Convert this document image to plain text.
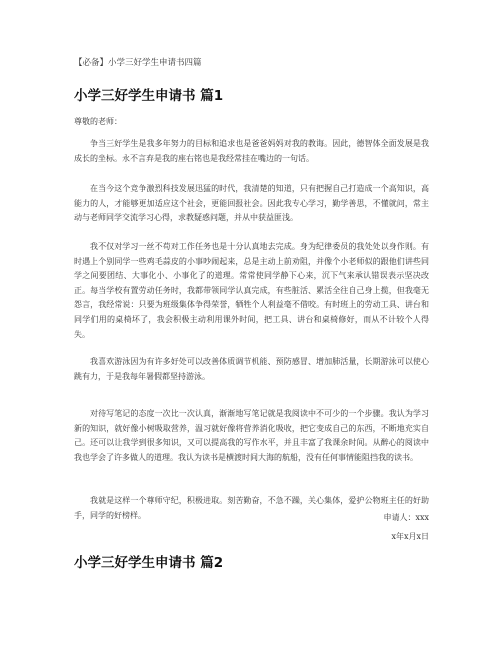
【必备】小学三好学生申请书四篇
小学三好学生申请书 篇1
尊敬的老师：

争当三好学生是我多年努力的目标和追求也是爸爸妈妈对我的教诲。因此，德智体全面发展是我成长的坐标。永不言弃是我的座右铭也是我经常挂在嘴边的一句话。

在当今这个竞争激烈科技发展迅猛的时代，我清楚的知道，只有把握自己打造成一个高知识，高能力的人，才能够更加适应这个社会，更能回报社会。因此我专心学习，勤学善思，不懂就问，常主动与老师同学交流学习心得，求教疑惑问题，并从中获益匪浅。

我不仅对学习一丝不苟对工作任务也是十分认真地去完成。身为纪律委员的我处处以身作则。有时遇上个别同学一些鸡毛蒜皮的小事吵闹起来，总是主动上前劝阻，并像个小老师似的跟他们讲些同学之间要团结、大事化小、小事化了的道理。常常使同学静下心来，沉下气来承认错误表示坚决改正。每当学校有置劳动任务时，我都带领同学认真完成，有些脏活、累活全往自己身上揽，但我毫无怨言，我经常说：只要为班级集体争得荣誉，牺牲个人利益毫不借咬。有时班上的劳动工具、讲台和同学们用的桌椅坏了，我会积极主动利用课外时间，把工具、讲台和桌椅修好，而从不计较个人得失。

我喜欢游泳因为有许多好处可以改善体质调节机能、预防感冒、增加肺活量，长期游泳可以使心跳有力，于是我每年暑假都坚持游泳。

对待写笔记的态度一次比一次认真，渐渐地写笔记就是我阅读中不可少的一个步骤。我认为学习新的知识，就好像小树吸取营养，温习就好像将营养消化吸收，把它变成自己的东西，不断地充实自己。还可以让我学到很多知识，又可以提高我的写作水平，并且丰富了我课余时间。从醉心的阅读中我也学会了许多做人的道理。我认为读书是横渡时间大海的航船，没有任何事情能阻挡我的读书。

我就是这样一个尊师守纪，积极进取。刻苦勤奋，不急不躁，关心集体，爱护公物班主任的好助手，同学的好榜样。	申请人：xxx
x年x月x日
小学三好学生申请书 篇2
